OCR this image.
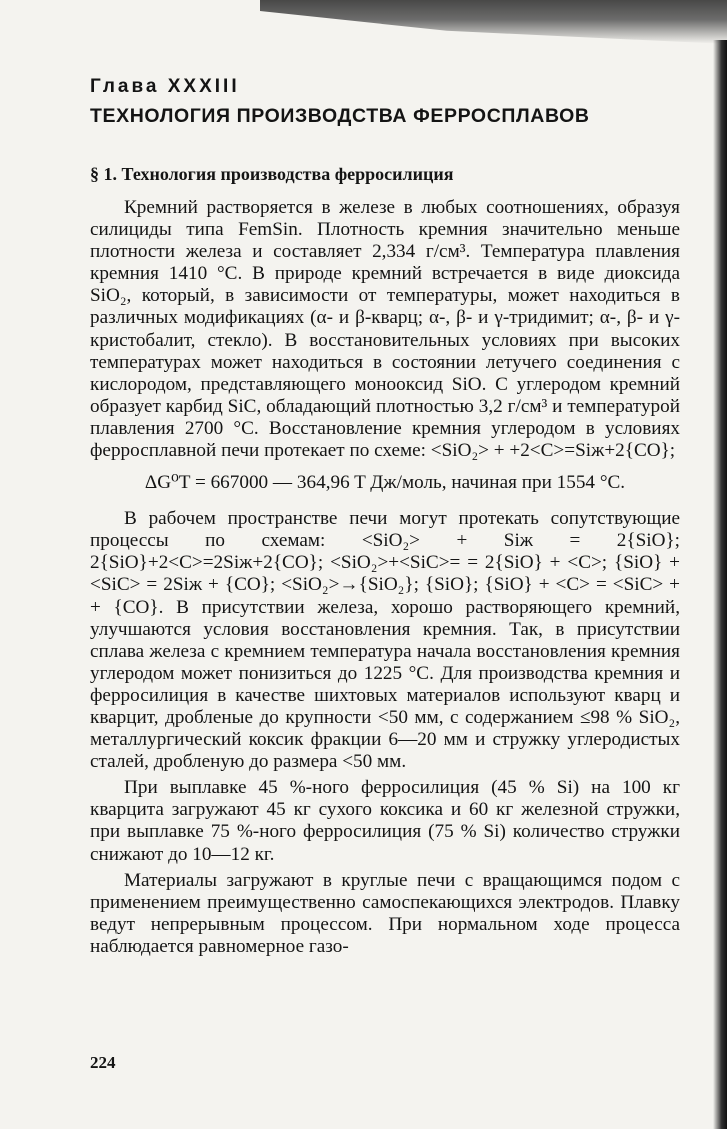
Глава XXXIII
ТЕХНОЛОГИЯ ПРОИЗВОДСТВА ФЕРРОСПЛАВОВ
§ 1. Технология производства ферросилиция

Кремний растворяется в железе в любых соотношениях, образуя силициды типа FemSin. Плотность кремния значительно меньше плотности железа и составляет 2,334 г/см³. Температура плавления кремния 1410 °С. В природе кремний встречается в виде диоксида SiO₂, который, в зависимости от температуры, может находиться в различных модификациях (α- и β-кварц; α-, β- и γ-тридимит; α-, β- и γ-кристобалит, стекло). В восстановительных условиях при высоких температурах может находиться в состоянии летучего соединения с кислородом, представляющего монооксид SiO. С углеродом кремний образует карбид SiC, обладающий плотностью 3,2 г/см³ и температурой плавления 2700 °С. Восстановление кремния углеродом в условиях ферросплавной печи протекает по схеме: <SiO₂> + +2<C>=Siж+2{CO};

ΔG⁰T = 667000 — 364,96 T Дж/моль, начиная при 1554 °С.

В рабочем пространстве печи могут протекать сопутствующие процессы по схемам: <SiO₂> + Siж = 2{SiO}; 2{SiO}+2<C>=2Siж+2{CO}; <SiO₂>+<SiC>= = 2{SiO} + <C>; {SiO} + <SiC> = 2Siж + {CO}; <SiO₂>→{SiO₂}; {SiO}; {SiO} + <C> = <SiC> + + {CO}. В присутствии железа, хорошо растворяющего кремний, улучшаются условия восстановления кремния. Так, в присутствии сплава железа с кремнием температура начала восстановления кремния углеродом может понизиться до 1225 °С. Для производства кремния и ферросилиция в качестве шихтовых материалов используют кварц и кварцит, дробленые до крупности <50 мм, с содержанием ≤98 % SiO₂, металлургический коксик фракции 6—20 мм и стружку углеродистых сталей, дробленую до размера <50 мм.

При выплавке 45 %-ного ферросилиция (45 % Si) на 100 кг кварцита загружают 45 кг сухого коксика и 60 кг железной стружки, при выплавке 75 %-ного ферросилиция (75 % Si) количество стружки снижают до 10—12 кг.

Материалы загружают в круглые печи с вращающимся подом с применением преимущественно самоспекающихся электродов. Плавку ведут непрерывным процессом. При нормальном ходе процесса наблюдается равномерное газо-

224
